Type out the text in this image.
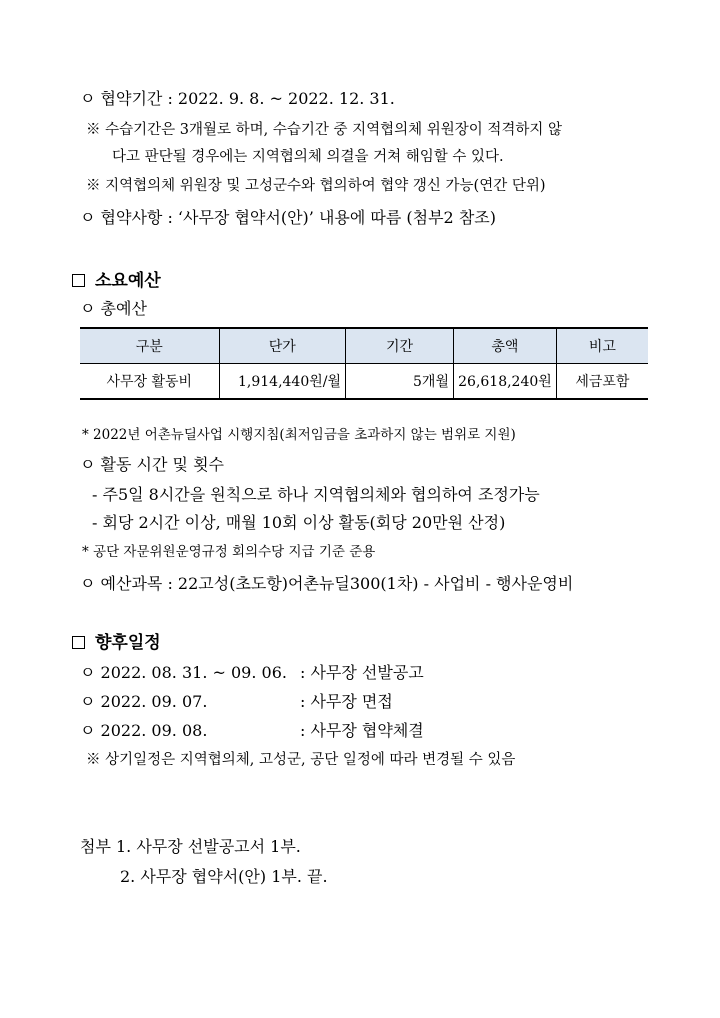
ㅇ 협약기간 : 2022. 9. 8. ~ 2022. 12. 31.
※ 수습기간은 3개월로 하며, 수습기간 중 지역협의체 위원장이 적격하지 않
다고 판단될 경우에는 지역협의체 의결을 거쳐 해임할 수 있다.
※ 지역협의체 위원장 및 고성군수와 협의하여 협약 갱신 가능(연간 단위)
ㅇ 협약사항 : ‘사무장 협약서(안)’ 내용에 따름 (첨부2 참조)
소요예산
ㅇ 총예산
구분	단가	기간	총액	비고
사무장 활동비	1,914,440원/월	5개월	26,618,240원	세금포함
* 2022년 어촌뉴딜사업 시행지침(최저임금을 초과하지 않는 범위로 지원)
ㅇ 활동 시간 및 횟수
- 주5일 8시간을 원칙으로 하나 지역협의체와 협의하여 조정가능
- 회당 2시간 이상, 매월 10회 이상 활동(회당 20만원 산정)
* 공단 자문위원운영규정 회의수당 지급 기준 준용
ㅇ 예산과목 : 22고성(초도항)어촌뉴딜300(1차) - 사업비 - 행사운영비
향후일정
ㅇ 2022. 08. 31. ~ 09. 06. : 사무장 선발공고
ㅇ 2022. 09. 07.	: 사무장 면접
ㅇ 2022. 09. 08.	: 사무장 협약체결
※ 상기일정은 지역협의체, 고성군, 공단 일정에 따라 변경될 수 있음
첨부 1. 사무장 선발공고서 1부.
2. 사무장 협약서(안) 1부. 끝.
